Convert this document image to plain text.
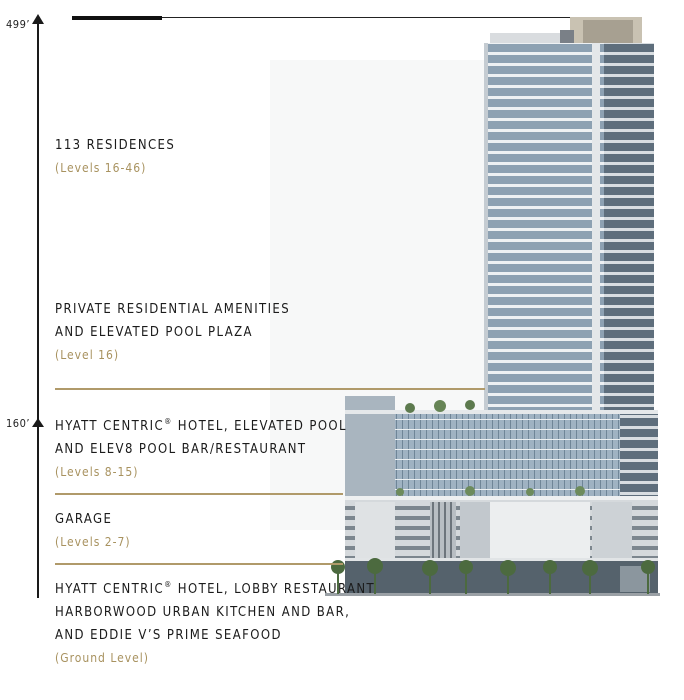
499’
160’
113 RESIDENCES
(Levels 16-46)
PRIVATE RESIDENTIAL AMENITIES
AND ELEVATED POOL PLAZA
(Level 16)
HYATT CENTRIC® HOTEL, ELEVATED POOL
AND ELEV8 POOL BAR/RESTAURANT
(Levels 8-15)
GARAGE
(Levels 2-7)
HYATT CENTRIC® HOTEL, LOBBY RESTAURANT
HARBORWOOD URBAN KITCHEN AND BAR,
AND EDDIE V’S PRIME SEAFOOD
(Ground Level)
